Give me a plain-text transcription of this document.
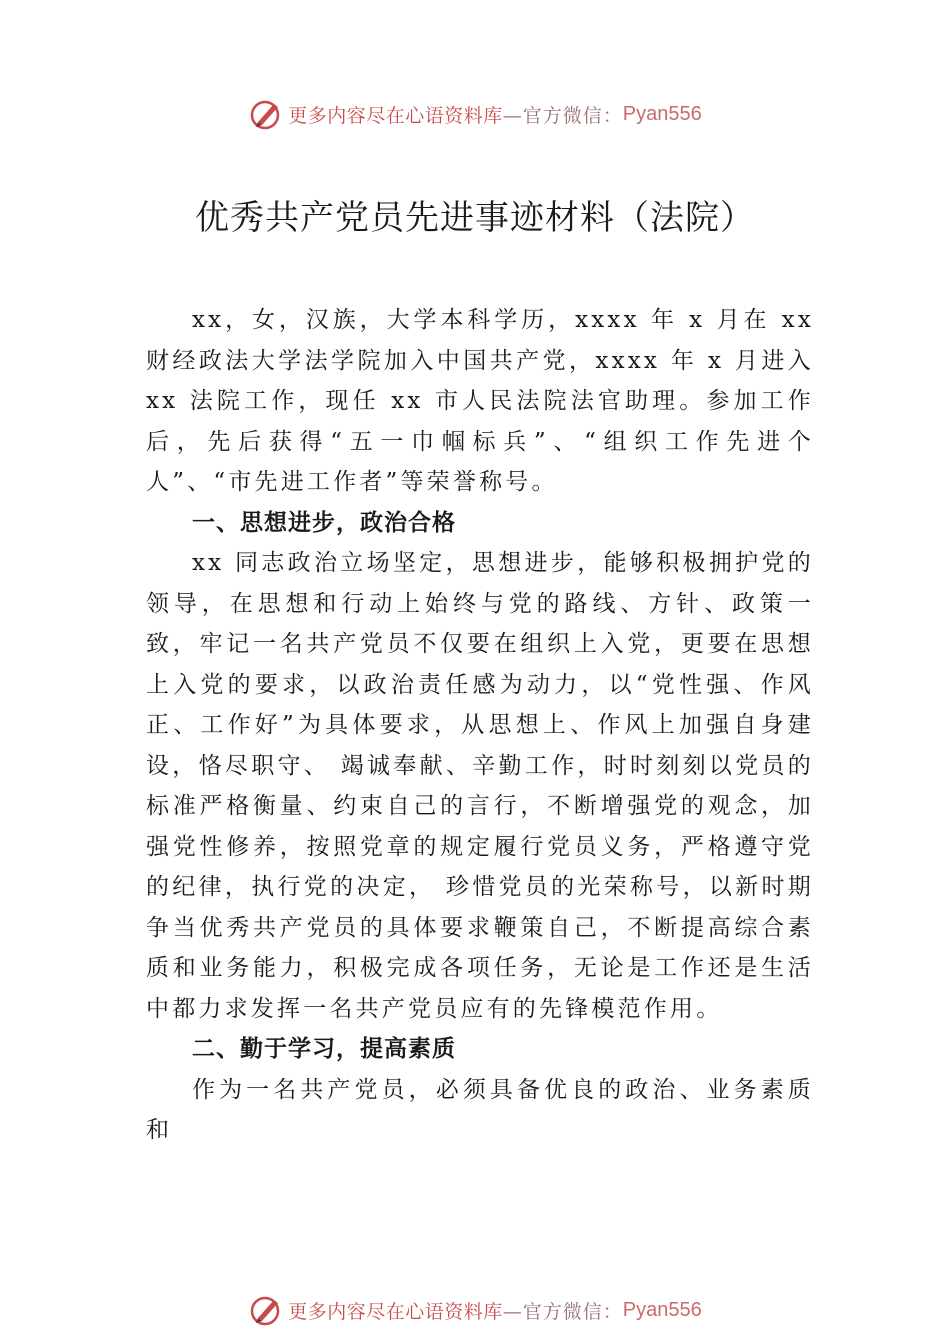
更多内容尽在心语资料库 —官方微信： Pyan556
优秀共产党员先进事迹材料（法院）

xx，女，汉族，大学本科学历，xxxx 年 x 月在 xx 财经政法大学法学院加入中国共产党，xxxx 年 x 月进入 xx 法院工作，现任 xx 市人民法院法官助理。参加工作后，先后获得“五一巾帼标兵”、“组织工作先进个人”、“市先进工作者”等荣誉称号。

一、思想进步，政治合格

xx 同志政治立场坚定，思想进步，能够积极拥护党的领导，在思想和行动上始终与党的路线、方针、政策一致，牢记一名共产党员不仅要在组织上入党，更要在思想上入党的要求，以政治责任感为动力，以“党性强、作风正、工作好”为具体要求，从思想上、作风上加强自身建设，恪尽职守、 竭诚奉献、辛勤工作，时时刻刻以党员的标准严格衡量、约束自己的言行，不断增强党的观念，加强党性修养，按照党章的规定履行党员义务，严格遵守党的纪律，执行党的决定， 珍惜党员的光荣称号，以新时期争当优秀共产党员的具体要求鞭策自己，不断提高综合素质和业务能力，积极完成各项任务，无论是工作还是生活中都力求发挥一名共产党员应有的先锋模范作用。

二、勤于学习，提高素质

作为一名共产党员，必须具备优良的政治、业务素质和

更多内容尽在心语资料库 —官方微信： Pyan556
